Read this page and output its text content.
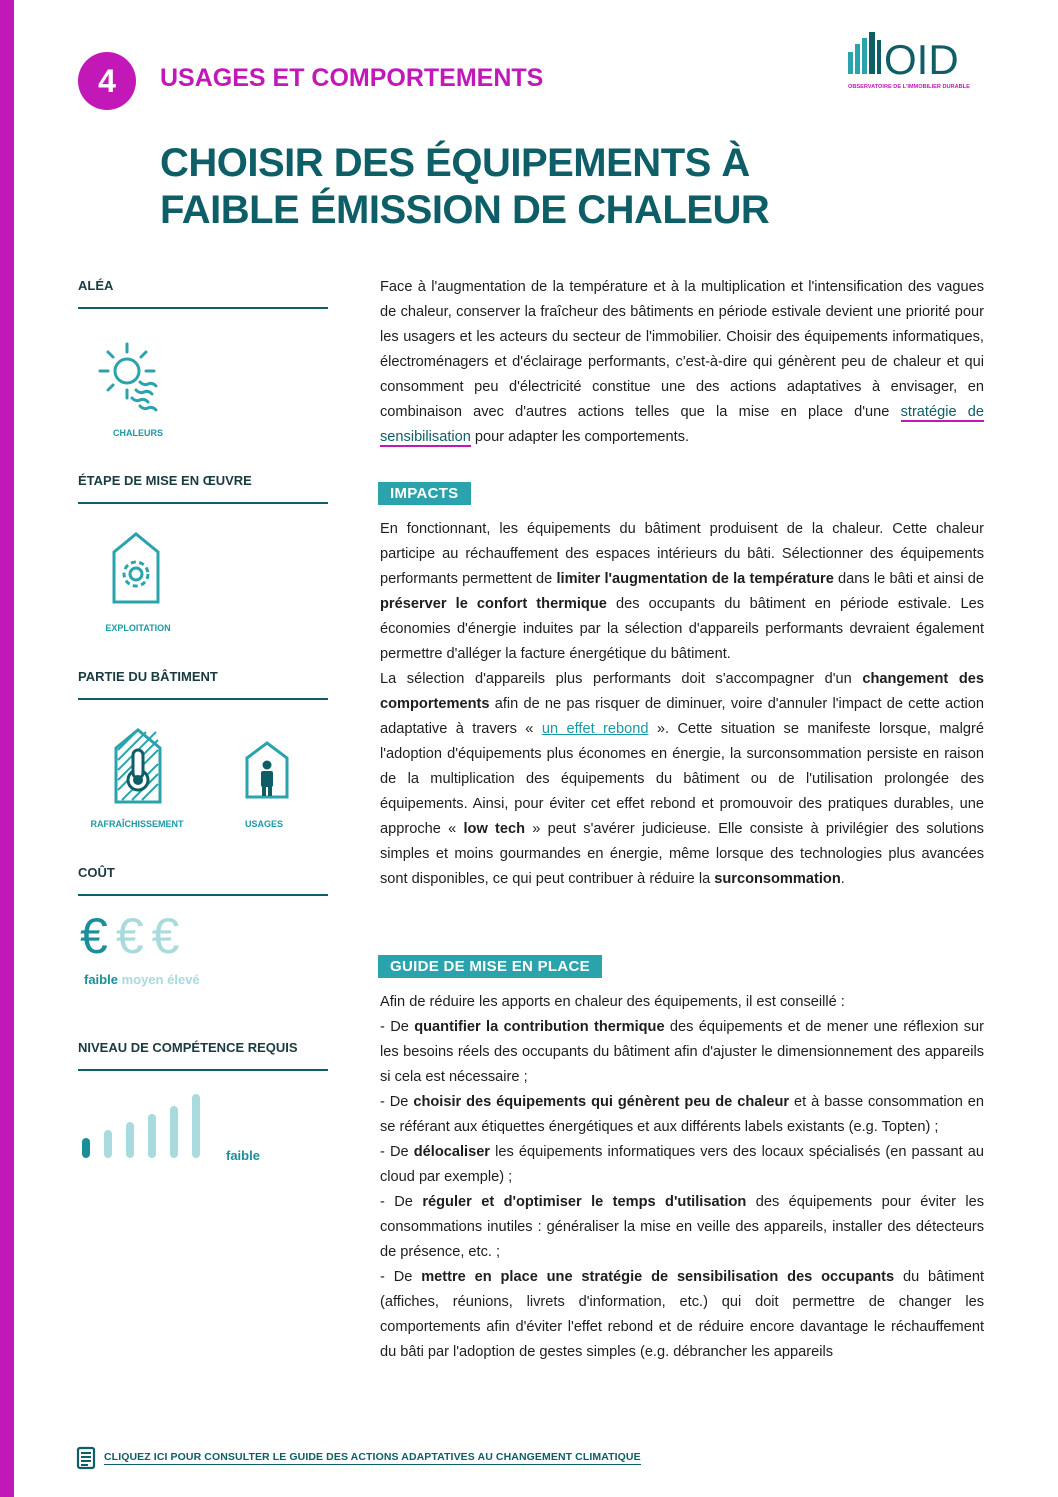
4	USAGES ET COMPORTEMENTS	OID
OBSERVATOIRE DE L'IMMOBILIER DURABLE
CHOISIR DES ÉQUIPEMENTS À
FAIBLE ÉMISSION DE CHALEUR
ALÉA
CHALEURS
ÉTAPE DE MISE EN ŒUVRE
EXPLOITATION
PARTIE DU BÂTIMENT
RAFRAÎCHISSEMENT	USAGES
COÛT
€€€
faible moyen élevé
NIVEAU DE COMPÉTENCE REQUIS
faible

Face à l'augmentation de la température et à la multiplication et l'intensification des vagues de chaleur, conserver la fraîcheur des bâtiments en période estivale devient une priorité pour les usagers et les acteurs du secteur de l'immobilier. Choisir des équipements informatiques, électroménagers et d'éclairage performants, c'est-à-dire qui génèrent peu de chaleur et qui consomment peu d'électricité constitue une des actions adaptatives à envisager, en combinaison avec d'autres actions telles que la mise en place d'une stratégie de sensibilisation pour adapter les comportements.

IMPACTS

En fonctionnant, les équipements du bâtiment produisent de la chaleur. Cette chaleur participe au réchauffement des espaces intérieurs du bâti. Sélectionner des équipements performants permettent de limiter l'augmentation de la température dans le bâti et ainsi de préserver le confort thermique des occupants du bâtiment en période estivale. Les économies d'énergie induites par la sélection d'appareils performants devraient également permettre d'alléger la facture énergétique du bâtiment.

La sélection d'appareils plus performants doit s'accompagner d'un changement des comportements afin de ne pas risquer de diminuer, voire d'annuler l'impact de cette action adaptative à travers « un effet rebond ». Cette situation se manifeste lorsque, malgré l'adoption d'équipements plus économes en énergie, la surconsommation persiste en raison de la multiplication des équipements du bâtiment ou de l'utilisation prolongée des équipements. Ainsi, pour éviter cet effet rebond et promouvoir des pratiques durables, une approche « low tech » peut s'avérer judicieuse. Elle consiste à privilégier des solutions simples et moins gourmandes en énergie, même lorsque des technologies plus avancées sont disponibles, ce qui peut contribuer à réduire la surconsommation.

GUIDE DE MISE EN PLACE

Afin de réduire les apports en chaleur des équipements, il est conseillé :

- De quantifier la contribution thermique des équipements et de mener une réflexion sur les besoins réels des occupants du bâtiment afin d'ajuster le dimensionnement des appareils si cela est nécessaire ;

- De choisir des équipements qui génèrent peu de chaleur et à basse consommation en se référant aux étiquettes énergétiques et aux différents labels existants (e.g. Topten) ;

- De délocaliser les équipements informatiques vers des locaux spécialisés (en passant au cloud par exemple) ;

- De réguler et d'optimiser le temps d'utilisation des équipements pour éviter les consommations inutiles : généraliser la mise en veille des appareils, installer des détecteurs de présence, etc. ;

- De mettre en place une stratégie de sensibilisation des occupants du bâtiment (affiches, réunions, livrets d'information, etc.) qui doit permettre de changer les comportements afin d'éviter l'effet rebond et de réduire encore davantage le réchauffement du bâti par l'adoption de gestes simples (e.g. débrancher les appareils

CLIQUEZ ICI POUR CONSULTER LE GUIDE DES ACTIONS ADAPTATIVES AU CHANGEMENT CLIMATIQUE
